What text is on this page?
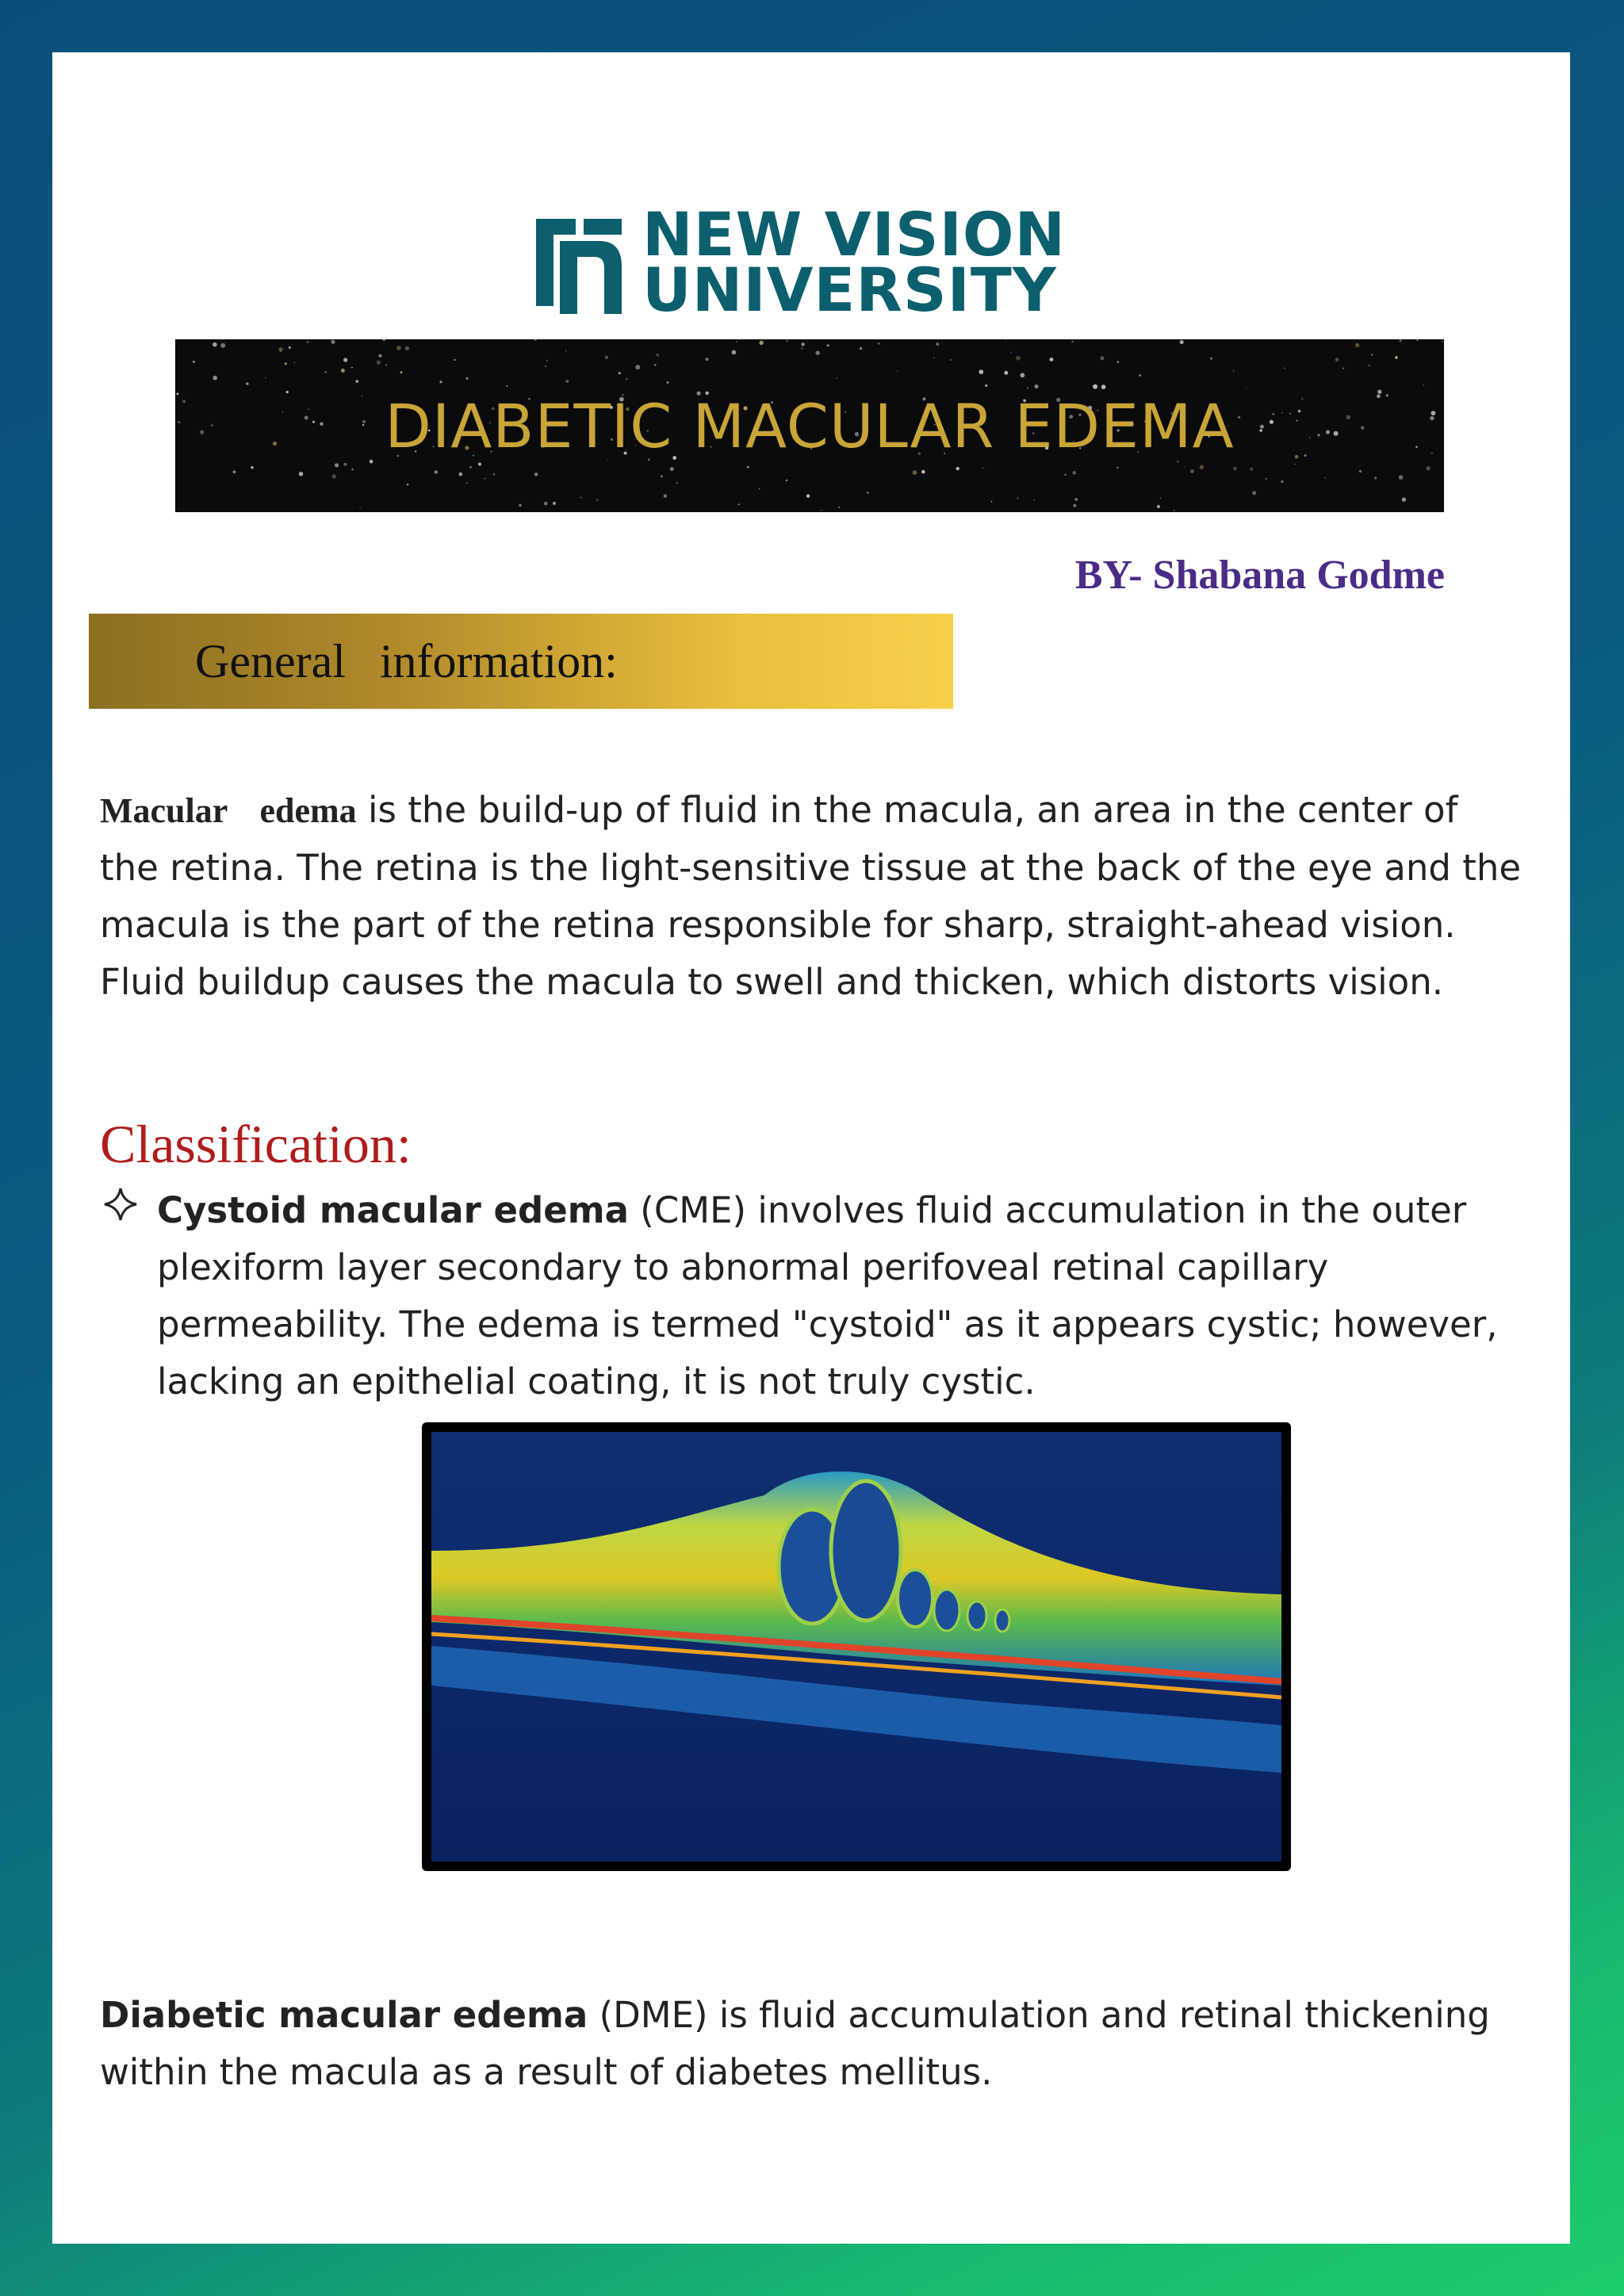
NEW VISION
UNIVERSITY
DIABETIC MACULAR EDEMA
BY- Shabana Godme
General information:
Macular edema is the build-up of fluid in the macula, an area in the center of the retina. The retina is the light-sensitive tissue at the back of the eye and the macula is the part of the retina responsible for sharp, straight-ahead vision. Fluid buildup causes the macula to swell and thicken, which distorts vision.
Classification:
Cystoid macular edema (CME) involves fluid accumulation in the outer plexiform layer secondary to abnormal perifoveal retinal capillary permeability. The edema is termed "cystoid" as it appears cystic; however, lacking an epithelial coating, it is not truly cystic.
Diabetic macular edema (DME) is fluid accumulation and retinal thickening within the macula as a result of diabetes mellitus.
